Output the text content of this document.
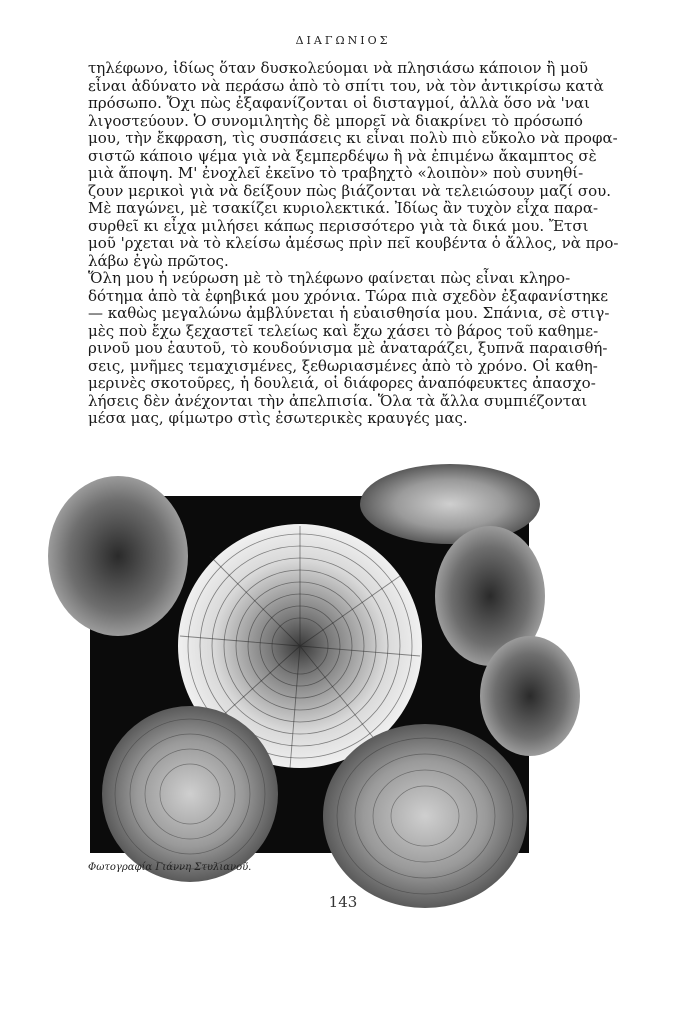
ΔΙΑΓΩΝΙΟΣ
τηλέφωνο, ἰδίως ὅταν δυσκολεύομαι νὰ πλησιάσω κάποιον ἢ μοῦ
εἶναι ἀδύνατο νὰ περάσω ἀπὸ τὸ σπίτι του, νὰ τὸν ἀντικρίσω κατὰ
πρόσωπο. Ὄχι πὼς ἐξαφανίζονται οἱ δισταγμοί, ἀλλὰ ὅσο νὰ 'ναι
λιγοστεύουν. Ὁ συνομιλητὴς δὲ μπορεῖ νὰ διακρίνει τὸ πρόσωπό
μου, τὴν ἔκφραση, τὶς συσπάσεις κι εἶναι πολὺ πιὸ εὔκολο νὰ προφα-
σιστῶ κάποιο ψέμα γιὰ νὰ ξεμπερδέψω ἢ νὰ ἐπιμένω ἄκαμπτος σὲ
μιὰ ἄποψη. Μ' ἐνοχλεῖ ἐκεῖνο τὸ τραβηχτὸ «λοιπὸν» ποὺ συνηθί-
ζουν μερικοὶ γιὰ νὰ δείξουν πὼς βιάζονται νὰ τελειώσουν μαζί σου.
Μὲ παγώνει, μὲ τσακίζει κυριολεκτικά. Ἰδίως ἂν τυχὸν εἶχα παρα-
συρθεῖ κι εἶχα μιλήσει κάπως περισσότερο γιὰ τὰ δικά μου. Ἔτσι
μοῦ 'ρχεται νὰ τὸ κλείσω ἀμέσως πρὶν πεῖ κουβέντα ὁ ἄλλος, νὰ προ-
λάβω ἐγὼ πρῶτος.
Ὅλη μου ἡ νεύρωση μὲ τὸ τηλέφωνο φαίνεται πὼς εἶναι κληρο-
δότημα ἀπὸ τὰ ἐφηβικά μου χρόνια. Τώρα πιὰ σχεδὸν ἐξαφανίστηκε
— καθὼς μεγαλώνω ἀμβλύνεται ἡ εὐαισθησία μου. Σπάνια, σὲ στιγ-
μὲς ποὺ ἔχω ξεχαστεῖ τελείως καὶ ἔχω χάσει τὸ βάρος τοῦ καθημε-
ρινοῦ μου ἑαυτοῦ, τὸ κουδούνισμα μὲ ἀναταράζει, ξυπνᾶ παραισθή-
σεις, μνῆμες τεμαχισμένες, ξεθωριασμένες ἀπὸ τὸ χρόνο. Οἱ καθη-
μερινὲς σκοτοῦρες, ἡ δουλειά, οἱ διάφορες ἀναπόφευκτες ἀπασχο-
λήσεις δὲν ἀνέχονται τὴν ἀπελπισία. Ὅλα τὰ ἄλλα συμπιέζονται
μέσα μας, φίμωτρο στὶς ἐσωτερικὲς κραυγές μας.
Φωτογραφία Γιάννη Στυλιανοῦ.
143
